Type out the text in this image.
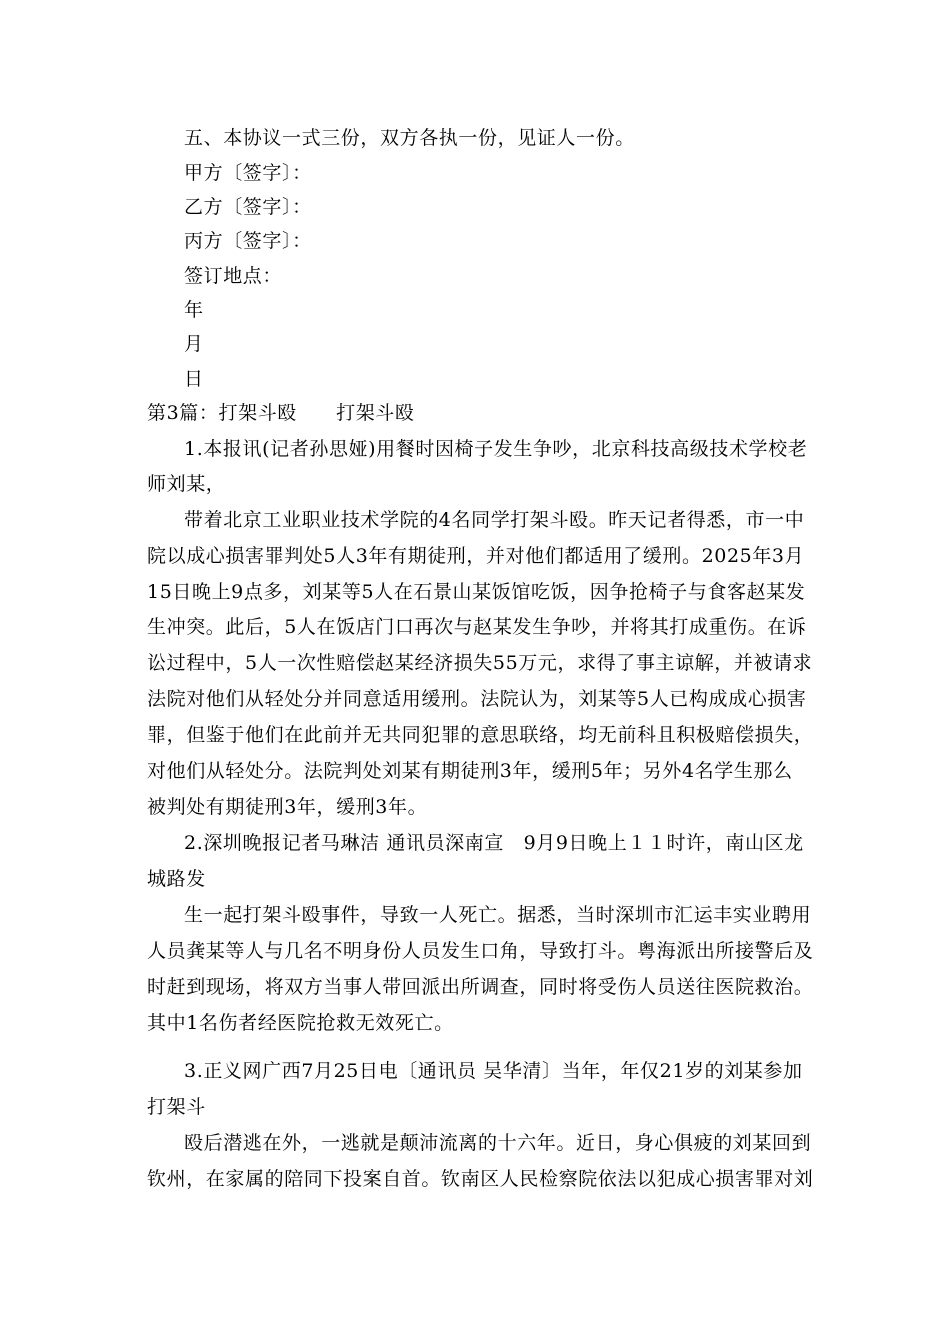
五、本协议一式三份，双方各执一份，见证人一份。
甲方〔签字〕：
乙方〔签字〕：
丙方〔签字〕：
签订地点：
年
月
日
第3篇：打架斗殴　　打架斗殴
1.本报讯(记者孙思娅)用餐时因椅子发生争吵，北京科技高级技术学校老
师刘某，
带着北京工业职业技术学院的4名同学打架斗殴。昨天记者得悉，市一中
院以成心损害罪判处5人3年有期徒刑，并对他们都适用了缓刑。2025年3月
15日晚上9点多，刘某等5人在石景山某饭馆吃饭，因争抢椅子与食客赵某发
生冲突。此后，5人在饭店门口再次与赵某发生争吵，并将其打成重伤。在诉
讼过程中，5人一次性赔偿赵某经济损失55万元，求得了事主谅解，并被请求
法院对他们从轻处分并同意适用缓刑。法院认为，刘某等5人已构成成心损害
罪，但鉴于他们在此前并无共同犯罪的意思联络，均无前科且积极赔偿损失，
对他们从轻处分。法院判处刘某有期徒刑3年，缓刑5年；另外4名学生那么
被判处有期徒刑3年，缓刑3年。
2.深圳晚报记者马琳洁 通讯员深南宣　9月9日晚上１１时许，南山区龙
城路发
生一起打架斗殴事件，导致一人死亡。据悉，当时深圳市汇运丰实业聘用
人员龚某等人与几名不明身份人员发生口角，导致打斗。粤海派出所接警后及
时赶到现场，将双方当事人带回派出所调查，同时将受伤人员送往医院救治。
其中1名伤者经医院抢救无效死亡。
3.正义网广西7月25日电〔通讯员 吴华清〕当年，年仅21岁的刘某参加
打架斗
殴后潜逃在外，一逃就是颠沛流离的十六年。近日，身心俱疲的刘某回到
钦州，在家属的陪同下投案自首。钦南区人民检察院依法以犯成心损害罪对刘
